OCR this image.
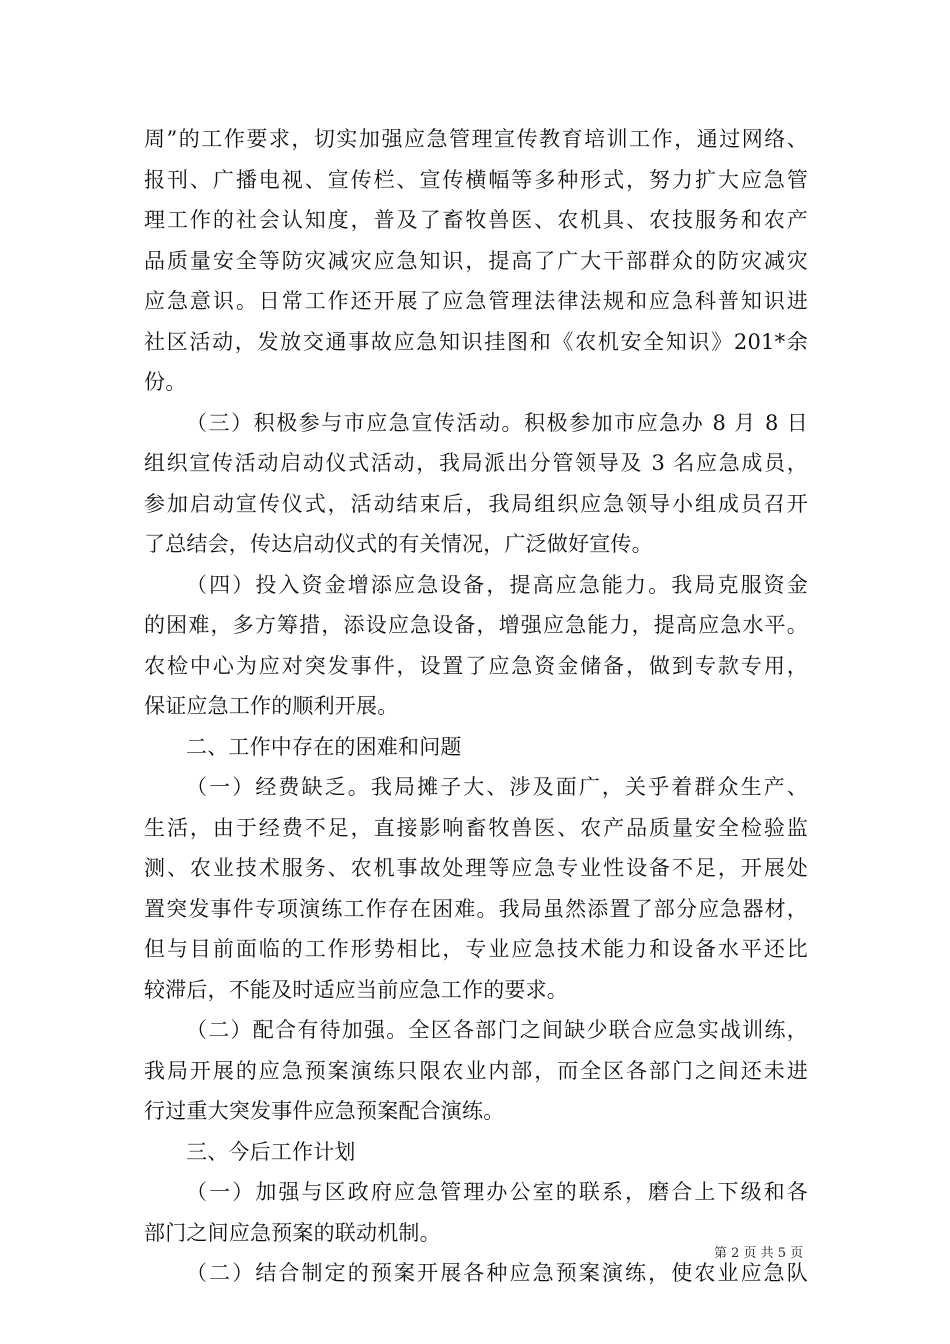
周”的工作要求，切实加强应急管理宣传教育培训工作，通过网络、
报刊、广播电视、宣传栏、宣传横幅等多种形式，努力扩大应急管
理工作的社会认知度，普及了畜牧兽医、农机具、农技服务和农产
品质量安全等防灾减灾应急知识，提高了广大干部群众的防灾减灾
应急意识。日常工作还开展了应急管理法律法规和应急科普知识进
社区活动，发放交通事故应急知识挂图和《农机安全知识》201*余
份。
（三）积极参与市应急宣传活动。积极参加市应急办 8 月 8 日
组织宣传活动启动仪式活动，我局派出分管领导及 3 名应急成员，
参加启动宣传仪式，活动结束后，我局组织应急领导小组成员召开
了总结会，传达启动仪式的有关情况，广泛做好宣传。
（四）投入资金增添应急设备，提高应急能力。我局克服资金
的困难，多方筹措，添设应急设备，增强应急能力，提高应急水平。
农检中心为应对突发事件，设置了应急资金储备，做到专款专用，
保证应急工作的顺利开展。
二、工作中存在的困难和问题
（一）经费缺乏。我局摊子大、涉及面广，关乎着群众生产、
生活，由于经费不足，直接影响畜牧兽医、农产品质量安全检验监
测、农业技术服务、农机事故处理等应急专业性设备不足，开展处
置突发事件专项演练工作存在困难。我局虽然添置了部分应急器材，
但与目前面临的工作形势相比，专业应急技术能力和设备水平还比
较滞后，不能及时适应当前应急工作的要求。
（二）配合有待加强。全区各部门之间缺少联合应急实战训练，
我局开展的应急预案演练只限农业内部，而全区各部门之间还未进
行过重大突发事件应急预案配合演练。
三、今后工作计划
（一）加强与区政府应急管理办公室的联系，磨合上下级和各
部门之间应急预案的联动机制。
（二）结合制定的预案开展各种应急预案演练，使农业应急队
第 2 页 共 5 页
